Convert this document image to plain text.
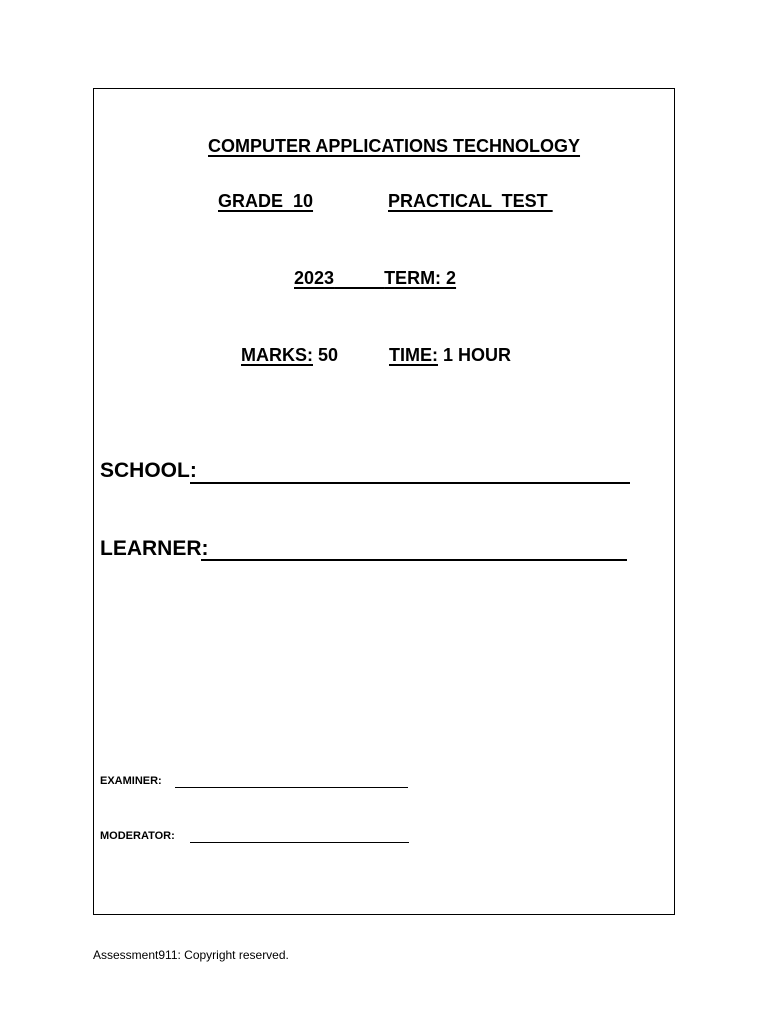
COMPUTER APPLICATIONS TECHNOLOGY

GRADE  10	PRACTICAL  TEST
2023	TERM: 2
MARKS: 50	TIME: 1 HOUR
SCHOOL:
LEARNER:
EXAMINER:
MODERATOR:
Assessment911: Copyright reserved.
